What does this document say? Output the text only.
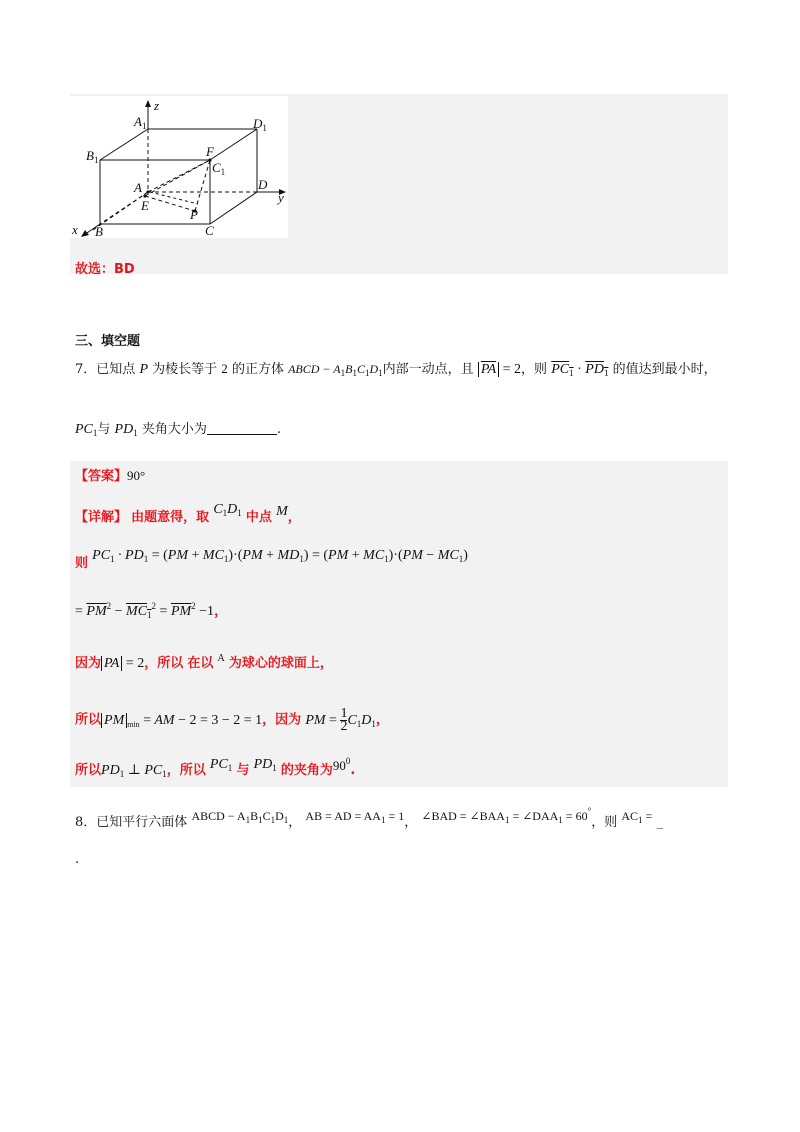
z
y
x
$A_1$	$D_1$
$B_1$
F
$C_1$
A	D
E
P
B	C
故选：BD
三、填空题
7．已知点 P 为棱长等于 2 的正方体 ABCD − $A_1B_1C_1D_1$内部一动点，且 $\overline{PA} = 2$，则 $PC_1 \cdot PD_1$ 的值达到最小时，
$PC_1$与 $PD_1$ 夹角大小为	.
【答案】90°
【详解】 由题意得，取 $C_1D_1$ 中点 M，
则 $PC_1 \cdot PD_1 = (PM + MC_1)\cdot(PM + MD_1) = (PM + MC_1)\cdot(PM - MC_1)$
= $\overline{PM}^2 - MC_1^2 = \overline{PM}^2 -1$，
因为 PA = 2，所以 在以 $^A$ 为球心的球面上，
所以 PM $_{min}$ = AM − 2 = 3 − 2 = 1，因为 PM = $\frac{1}{2} C_1D_1$，
所以$PD_1$ ⊥ $PC_1$，所以 $PC_1$ 与 $PD_1$ 的夹角为$90^0$.
8．已知平行六面体 ABCD − $A_1B_1C_1D_1$， AB = AD = $AA_1 = 1$， ∠BAD = $\angle BAA_1$ = $\angle DAA_1 = 60^\circ$，则 $AC_1$ = _
.
